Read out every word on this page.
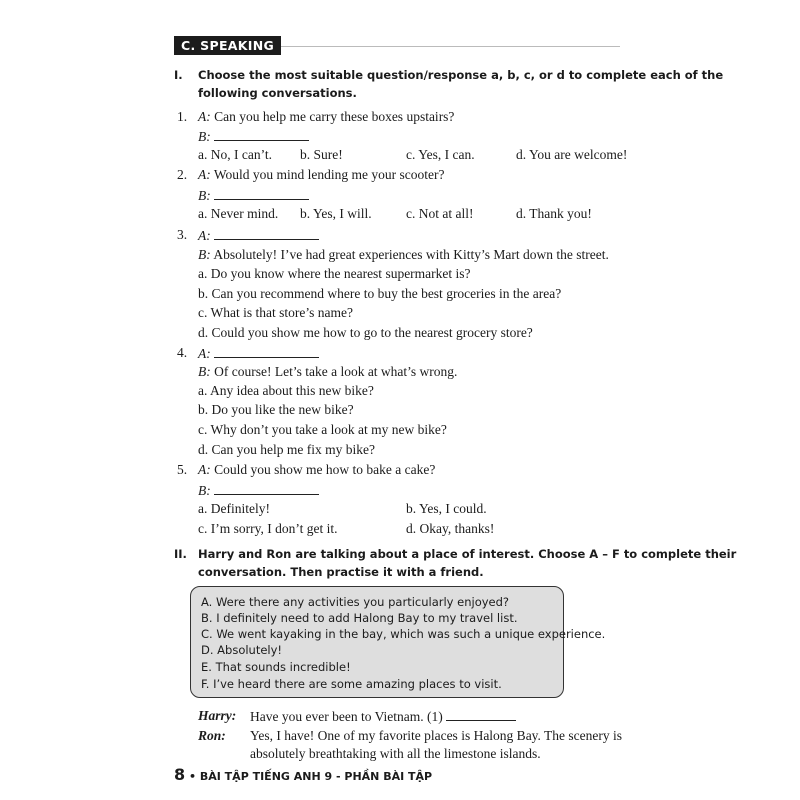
C. SPEAKING
I. Choose the most suitable question/response a, b, c, or d to complete each of the
following conversations.
1. A: Can you help me carry these boxes upstairs?
B:
a. No, I can’t. b. Sure!	c. Yes, I can.	d. You are welcome!
2. A: Would you mind lending me your scooter?
B:
a. Never mind. b. Yes, I will.	c. Not at all!	d. Thank you!
3. A:
B: Absolutely! I’ve had great experiences with Kitty’s Mart down the street.
a. Do you know where the nearest supermarket is?
b. Can you recommend where to buy the best groceries in the area?
c. What is that store’s name?
d. Could you show me how to go to the nearest grocery store?
4. A:
B: Of course! Let’s take a look at what’s wrong.
a. Any idea about this new bike?
b. Do you like the new bike?
c. Why don’t you take a look at my new bike?
d. Can you help me fix my bike?
5. A: Could you show me how to bake a cake?
B:
a. Definitely!	b. Yes, I could.
c. I’m sorry, I don’t get it.	d. Okay, thanks!
II. Harry and Ron are talking about a place of interest. Choose A – F to complete their
conversation. Then practise it with a friend.
A. Were there any activities you particularly enjoyed?
B. I definitely need to add Halong Bay to my travel list.
C. We went kayaking in the bay, which was such a unique experience.
D. Absolutely!
E. That sounds incredible!
F. I’ve heard there are some amazing places to visit.
Harry: Have you ever been to Vietnam. (1)
Ron: Yes, I have! One of my favorite places is Halong Bay. The scenery is
absolutely breathtaking with all the limestone islands.
8 • BÀI TẬP TIẾNG ANH 9 - PHẦN BÀI TẬP
